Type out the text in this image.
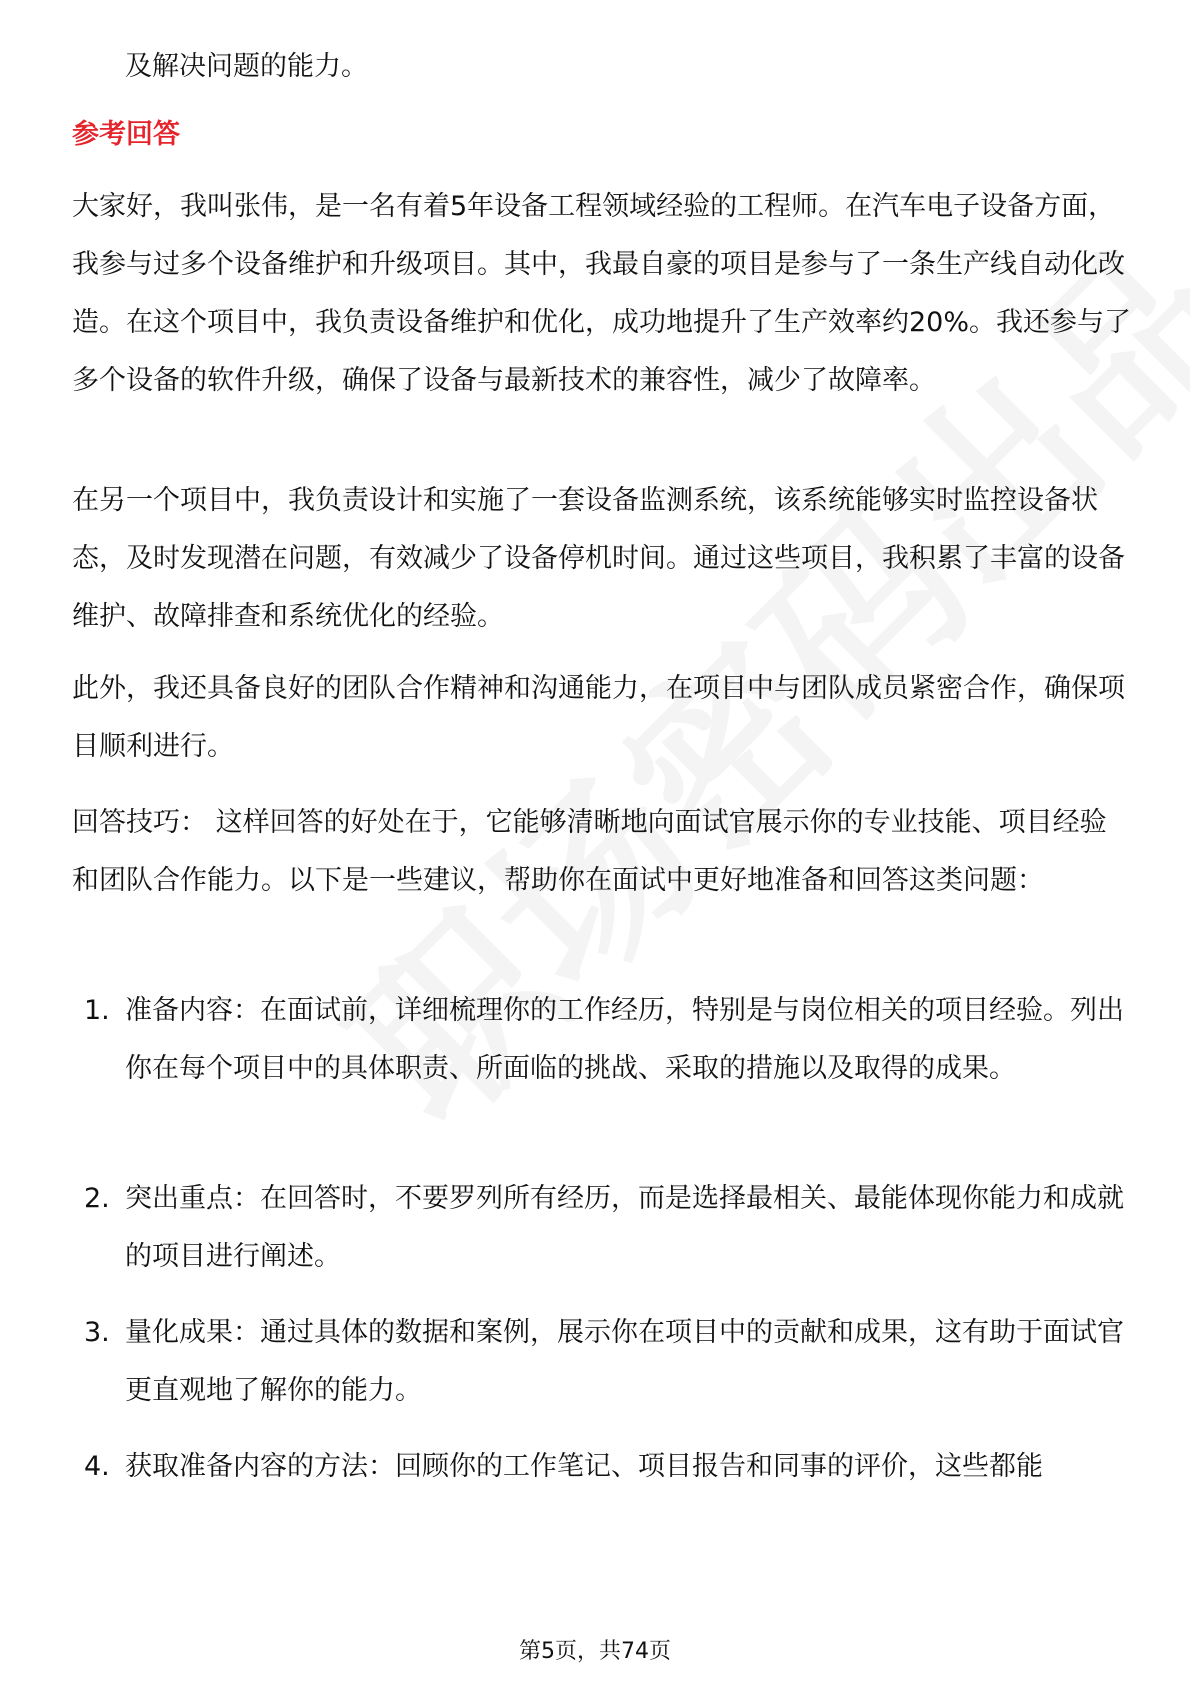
及解决问题的能力。
参考回答
大家好，我叫张伟，是一名有着5年设备工程领域经验的工程师。在汽车电子设备方面，我参与过多个设备维护和升级项目。其中，我最自豪的项目是参与了一条生产线自动化改造。在这个项目中，我负责设备维护和优化，成功地提升了生产效率约20%。我还参与了多个设备的软件升级，确保了设备与最新技术的兼容性，减少了故障率。
在另一个项目中，我负责设计和实施了一套设备监测系统，该系统能够实时监控设备状态，及时发现潜在问题，有效减少了设备停机时间。通过这些项目，我积累了丰富的设备维护、故障排查和系统优化的经验。
此外，我还具备良好的团队合作精神和沟通能力，在项目中与团队成员紧密合作，确保项目顺利进行。
回答技巧： 这样回答的好处在于，它能够清晰地向面试官展示你的专业技能、项目经验和团队合作能力。以下是一些建议，帮助你在面试中更好地准备和回答这类问题：
1. 准备内容：在面试前，详细梳理你的工作经历，特别是与岗位相关的项目经验。列出你在每个项目中的具体职责、所面临的挑战、采取的措施以及取得的成果。
2. 突出重点：在回答时，不要罗列所有经历，而是选择最相关、最能体现你能力和成就的项目进行阐述。
3. 量化成果：通过具体的数据和案例，展示你在项目中的贡献和成果，这有助于面试官更直观地了解你的能力。
4. 获取准备内容的方法：回顾你的工作笔记、项目报告和同事的评价，这些都能
第5页，共74页
